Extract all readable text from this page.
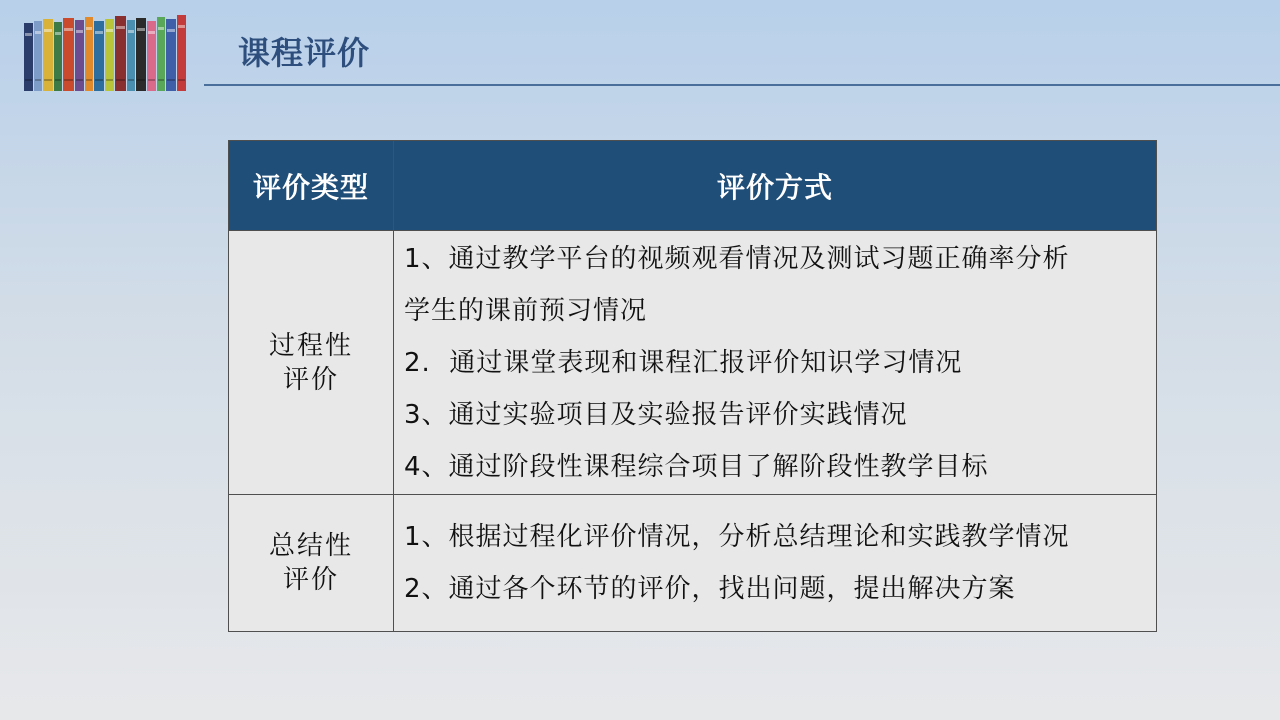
课程评价
评价类型	评价方式

过程性
评价	1、通过教学平台的视频观看情况及测试习题正确率分析
学生的课前预习情况
2.  通过课堂表现和课程汇报评价知识学习情况
3、通过实验项目及实验报告评价实践情况
4、通过阶段性课程综合项目了解阶段性教学目标

总结性
评价	1、根据过程化评价情况，分析总结理论和实践教学情况
2、通过各个环节的评价，找出问题，提出解决方案
